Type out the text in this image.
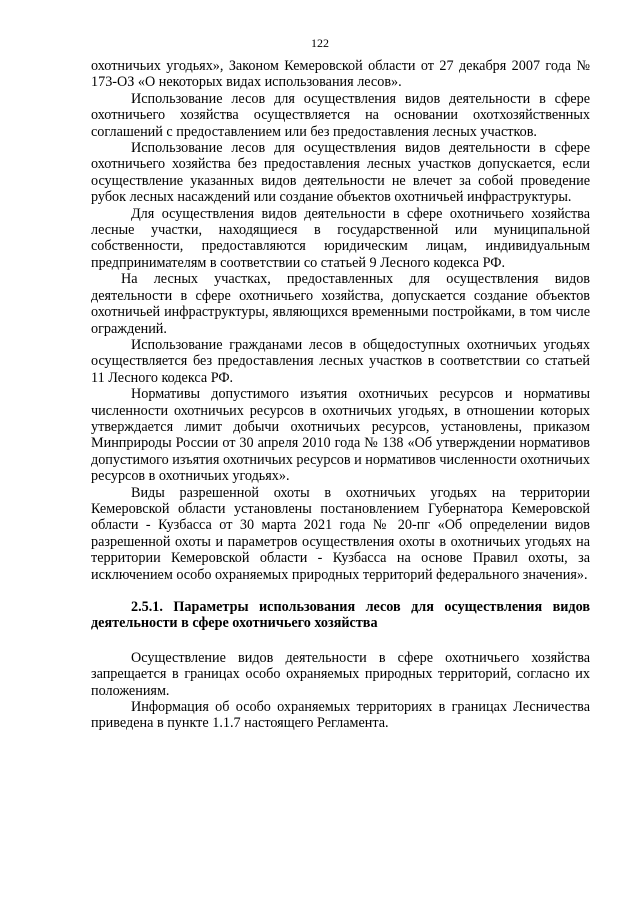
122

охотничьих угодьях», Законом Кемеровской области от 27 декабря 2007 года № 173-ОЗ «О некоторых видах использования лесов».

Использование лесов для осуществления видов деятельности в сфере охотничьего хозяйства осуществляется на основании охотхозяйственных соглашений с предоставлением или без предоставления лесных участков.

Использование лесов для осуществления видов деятельности в сфере охотничьего хозяйства без предоставления лесных участков допускается, если осуществление указанных видов деятельности не влечет за собой проведение рубок лесных насаждений или создание объектов охотничьей инфраструктуры.

Для осуществления видов деятельности в сфере охотничьего хозяйства лесные участки, находящиеся в государственной или муниципальной собственности, предоставляются юридическим лицам, индивидуальным предпринимателям в соответствии со статьей 9 Лесного кодекса РФ.

На лесных участках, предоставленных для осуществления видов деятельности в сфере охотничьего хозяйства, допускается создание объектов охотничьей инфраструктуры, являющихся временными постройками, в том числе ограждений.

Использование гражданами лесов в общедоступных охотничьих угодьях осуществляется без предоставления лесных участков в соответствии со статьей 11 Лесного кодекса РФ.

Нормативы допустимого изъятия охотничьих ресурсов и нормативы численности охотничьих ресурсов в охотничьих угодьях, в отношении которых утверждается лимит добычи охотничьих ресурсов, установлены, приказом Минприроды России от 30 апреля 2010 года № 138 «Об утверждении нормативов допустимого изъятия охотничьих ресурсов и нормативов численности охотничьих ресурсов в охотничьих угодьях».

Виды разрешенной охоты в охотничьих угодьях на территории Кемеровской области установлены постановлением Губернатора Кемеровской области - Кузбасса от 30 марта 2021 года № 20-пг «Об определении видов разрешенной охоты и параметров осуществления охоты в охотничьих угодьях на территории Кемеровской области - Кузбасса на основе Правил охоты, за исключением особо охраняемых природных территорий федерального значения».

2.5.1. Параметры использования лесов для осуществления видов деятельности в сфере охотничьего хозяйства

Осуществление видов деятельности в сфере охотничьего хозяйства запрещается в границах особо охраняемых природных территорий, согласно их положениям.

Информация об особо охраняемых территориях в границах Лесничества приведена в пункте 1.1.7 настоящего Регламента.
